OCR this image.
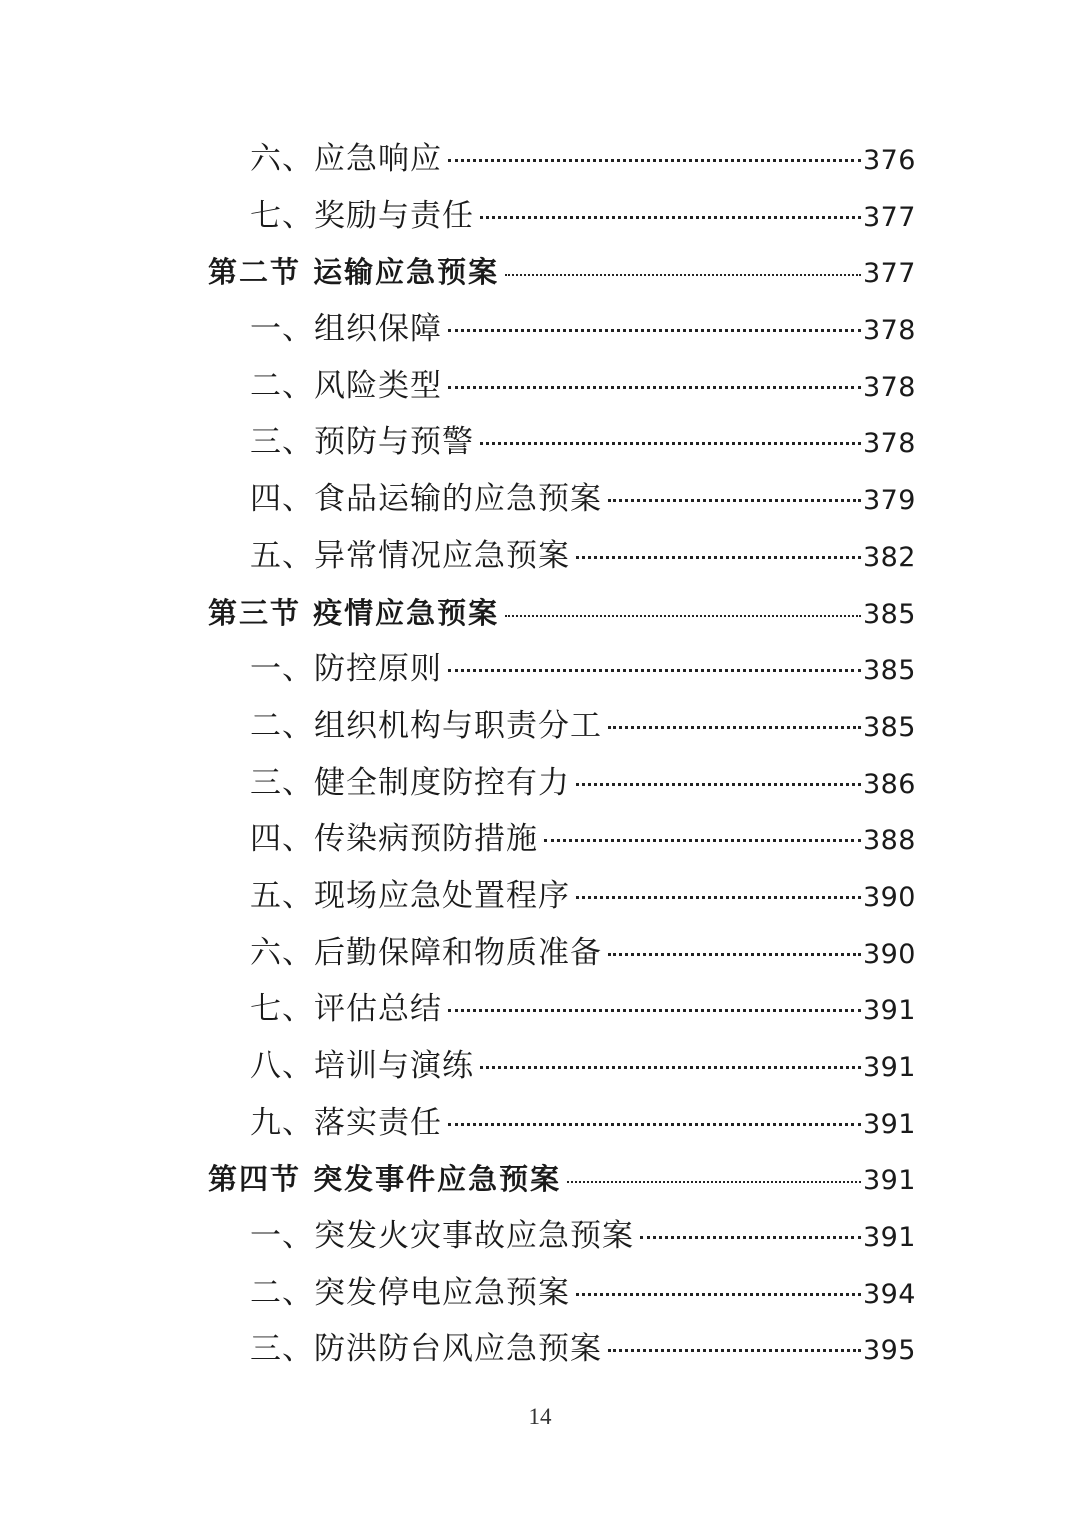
六、应急响应	376
七、奖励与责任	377
第二节 运输应急预案	377
一、组织保障	378
二、风险类型	378
三、预防与预警	378
四、食品运输的应急预案	379
五、异常情况应急预案	382
第三节 疫情应急预案	385
一、防控原则	385
二、组织机构与职责分工	385
三、健全制度防控有力	386
四、传染病预防措施	388
五、现场应急处置程序	390
六、后勤保障和物质准备	390
七、评估总结	391
八、培训与演练	391
九、落实责任	391
第四节 突发事件应急预案	391
一、突发火灾事故应急预案	391
二、突发停电应急预案	394
三、防洪防台风应急预案	395
14
